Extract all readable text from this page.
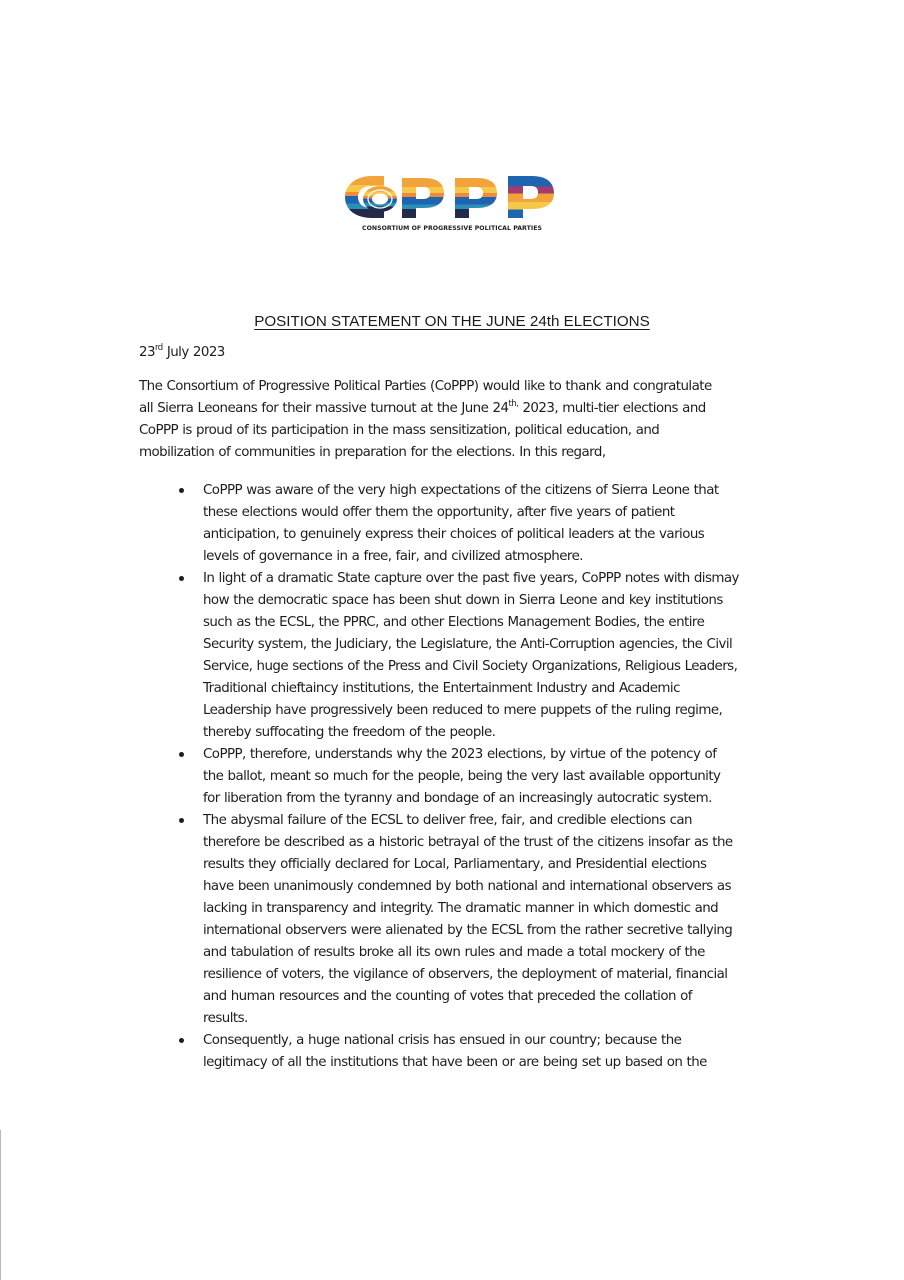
CONSORTIUM OF PROGRESSIVE POLITICAL PARTIES
POSITION STATEMENT ON THE JUNE 24th ELECTIONS
23rd July 2023
The Consortium of Progressive Political Parties (CoPPP) would like to thank and congratulate
all Sierra Leoneans for their massive turnout at the June $24^{th,}$ 2023, multi-tier elections and
CoPPP is proud of its participation in the mass sensitization, political education, and
mobilization of communities in preparation for the elections. In this regard,
CoPPP was aware of the very high expectations of the citizens of Sierra Leone that
these elections would offer them the opportunity, after five years of patient
anticipation, to genuinely express their choices of political leaders at the various
levels of governance in a free, fair, and civilized atmosphere.
In light of a dramatic State capture over the past five years, CoPPP notes with dismay
how the democratic space has been shut down in Sierra Leone and key institutions
such as the ECSL, the PPRC, and other Elections Management Bodies, the entire
Security system, the Judiciary, the Legislature, the Anti-Corruption agencies, the Civil
Service, huge sections of the Press and Civil Society Organizations, Religious Leaders,
Traditional chieftaincy institutions, the Entertainment Industry and Academic
Leadership have progressively been reduced to mere puppets of the ruling regime,
thereby suffocating the freedom of the people.
CoPPP, therefore, understands why the 2023 elections, by virtue of the potency of
the ballot, meant so much for the people, being the very last available opportunity
for liberation from the tyranny and bondage of an increasingly autocratic system.
The abysmal failure of the ECSL to deliver free, fair, and credible elections can
therefore be described as a historic betrayal of the trust of the citizens insofar as the
results they officially declared for Local, Parliamentary, and Presidential elections
have been unanimously condemned by both national and international observers as
lacking in transparency and integrity. The dramatic manner in which domestic and
international observers were alienated by the ECSL from the rather secretive tallying
and tabulation of results broke all its own rules and made a total mockery of the
resilience of voters, the vigilance of observers, the deployment of material, financial
and human resources and the counting of votes that preceded the collation of
results.
Consequently, a huge national crisis has ensued in our country; because the
legitimacy of all the institutions that have been or are being set up based on the
